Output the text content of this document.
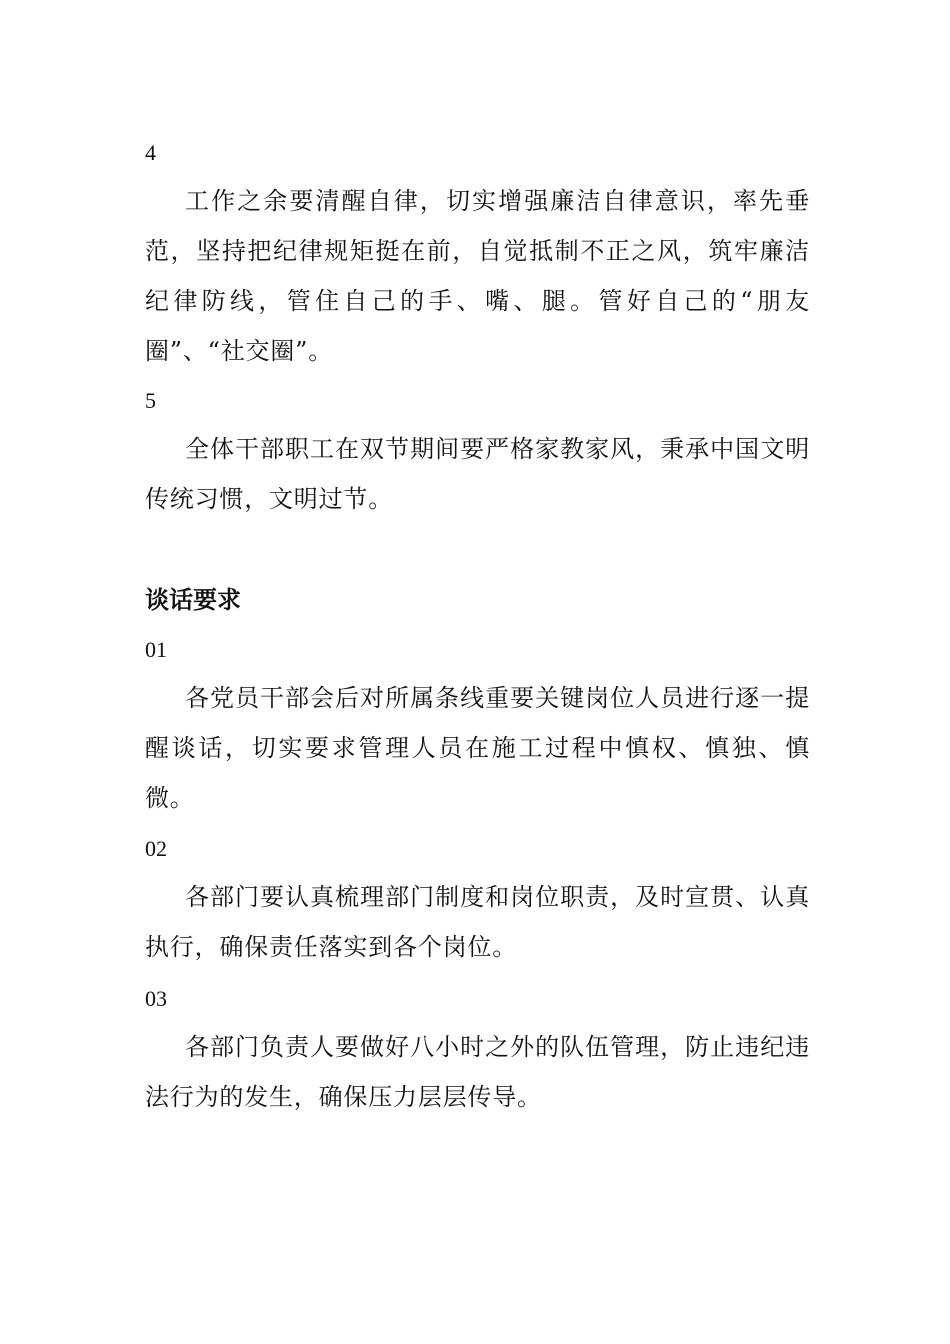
4
工作之余要清醒自律，切实增强廉洁自律意识，率先垂范，坚持把纪律规矩挺在前，自觉抵制不正之风，筑牢廉洁纪律防线，管住自己的手、嘴、腿。管好自己的“朋友圈”、“社交圈”。
5
全体干部职工在双节期间要严格家教家风，秉承中国文明传统习惯，文明过节。
谈话要求
01
各党员干部会后对所属条线重要关键岗位人员进行逐一提醒谈话，切实要求管理人员在施工过程中慎权、慎独、慎微。
02
各部门要认真梳理部门制度和岗位职责，及时宣贯、认真执行，确保责任落实到各个岗位。
03
各部门负责人要做好八小时之外的队伍管理，防止违纪违法行为的发生，确保压力层层传导。
